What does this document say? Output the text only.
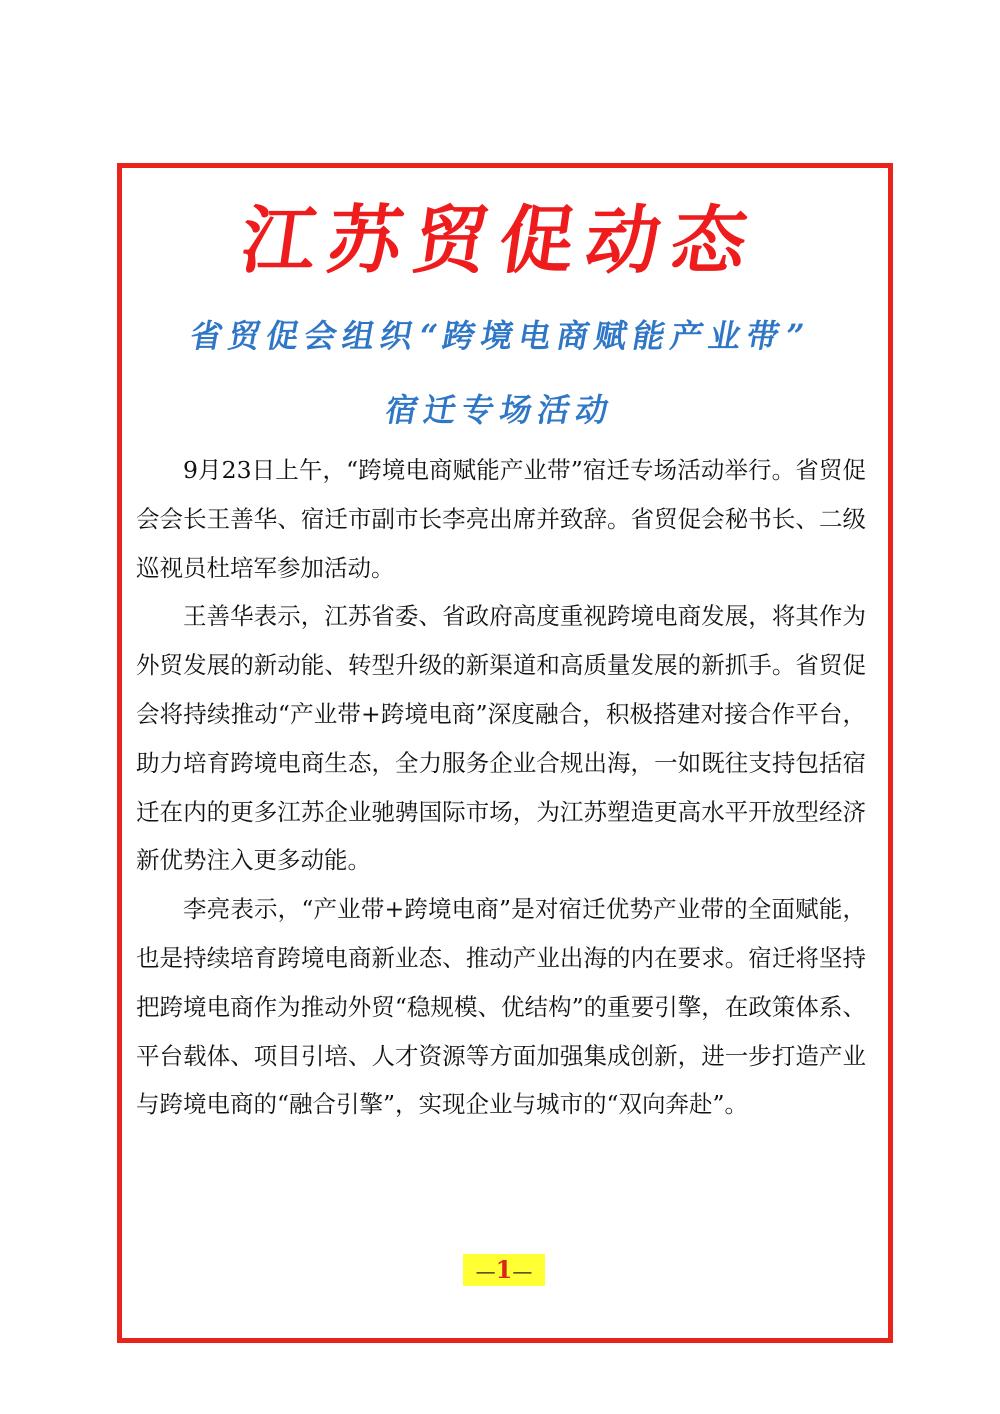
江苏贸促动态
省贸促会组织“跨境电商赋能产业带”
宿迁专场活动

9月23日上午，“跨境电商赋能产业带”宿迁专场活动举行。省贸促会会长王善华、宿迁市副市长李亮出席并致辞。省贸促会秘书长、二级巡视员杜培军参加活动。

王善华表示，江苏省委、省政府高度重视跨境电商发展，将其作为外贸发展的新动能、转型升级的新渠道和高质量发展的新抓手。省贸促会将持续推动“产业带+跨境电商”深度融合，积极搭建对接合作平台，助力培育跨境电商生态，全力服务企业合规出海，一如既往支持包括宿迁在内的更多江苏企业驰骋国际市场，为江苏塑造更高水平开放型经济新优势注入更多动能。

李亮表示，“产业带+跨境电商”是对宿迁优势产业带的全面赋能，也是持续培育跨境电商新业态、推动产业出海的内在要求。宿迁将坚持把跨境电商作为推动外贸“稳规模、优结构”的重要引擎，在政策体系、平台载体、项目引培、人才资源等方面加强集成创新，进一步打造产业与跨境电商的“融合引擎”，实现企业与城市的“双向奔赴”。

—1—
